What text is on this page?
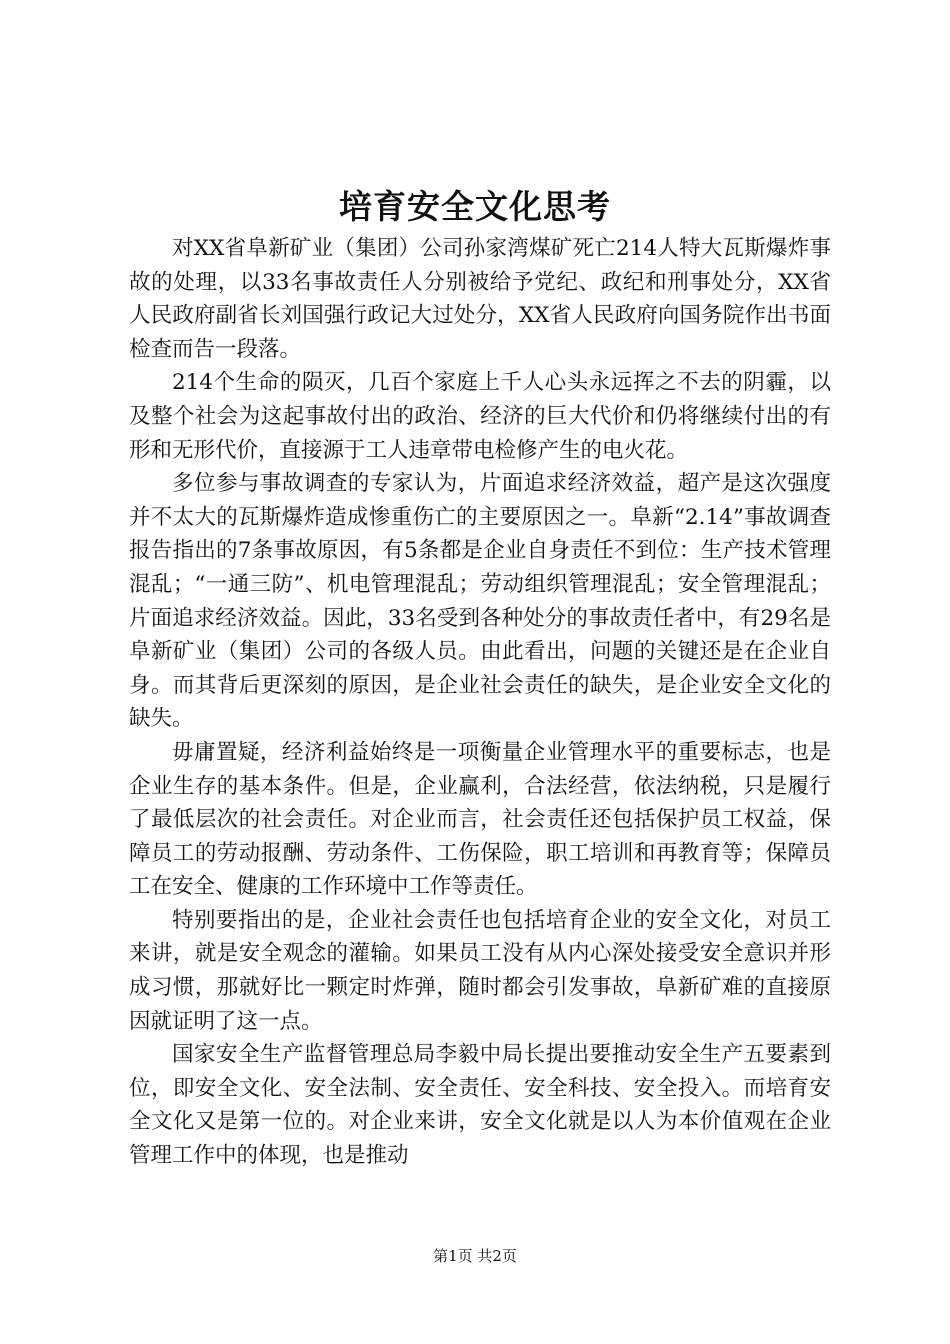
培育安全文化思考

对XX省阜新矿业（集团）公司孙家湾煤矿死亡214人特大瓦斯爆炸事故的处理，以33名事故责任人分别被给予党纪、政纪和刑事处分，XX省人民政府副省长刘国强行政记大过处分，XX省人民政府向国务院作出书面检查而告一段落。

214个生命的陨灭，几百个家庭上千人心头永远挥之不去的阴霾，以及整个社会为这起事故付出的政治、经济的巨大代价和仍将继续付出的有形和无形代价，直接源于工人违章带电检修产生的电火花。

多位参与事故调查的专家认为，片面追求经济效益，超产是这次强度并不太大的瓦斯爆炸造成惨重伤亡的主要原因之一。阜新“2.14”事故调查报告指出的7条事故原因，有5条都是企业自身责任不到位：生产技术管理混乱；“一通三防”、机电管理混乱；劳动组织管理混乱；安全管理混乱；片面追求经济效益。因此，33名受到各种处分的事故责任者中，有29名是阜新矿业（集团）公司的各级人员。由此看出，问题的关键还是在企业自身。而其背后更深刻的原因，是企业社会责任的缺失，是企业安全文化的缺失。

毋庸置疑，经济利益始终是一项衡量企业管理水平的重要标志，也是企业生存的基本条件。但是，企业赢利，合法经营，依法纳税，只是履行了最低层次的社会责任。对企业而言，社会责任还包括保护员工权益，保障员工的劳动报酬、劳动条件、工伤保险，职工培训和再教育等；保障员工在安全、健康的工作环境中工作等责任。

特别要指出的是，企业社会责任也包括培育企业的安全文化，对员工来讲，就是安全观念的灌输。如果员工没有从内心深处接受安全意识并形成习惯，那就好比一颗定时炸弹，随时都会引发事故，阜新矿难的直接原因就证明了这一点。

国家安全生产监督管理总局李毅中局长提出要推动安全生产五要素到位，即安全文化、安全法制、安全责任、安全科技、安全投入。而培育安全文化又是第一位的。对企业来讲，安全文化就是以人为本价值观在企业管理工作中的体现，也是推动

第1页 共2页
